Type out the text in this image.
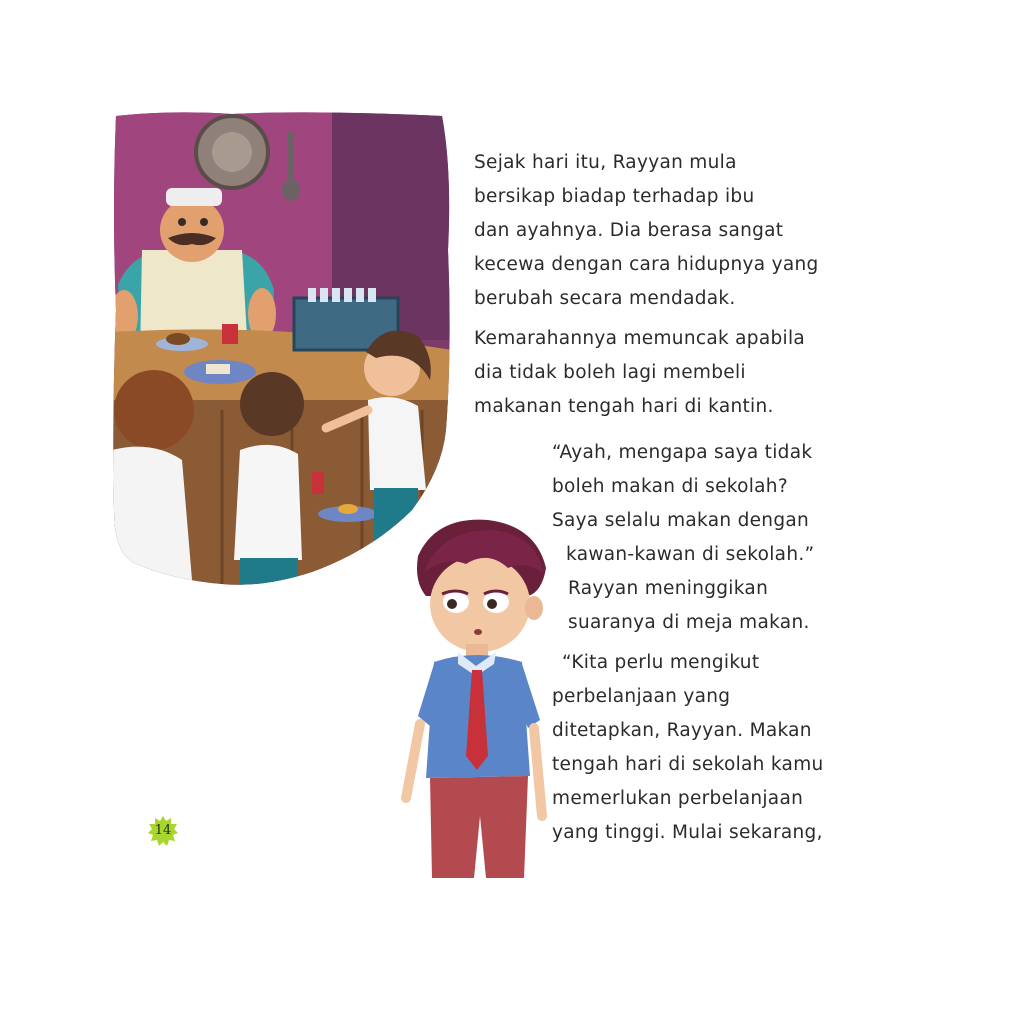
Sejak hari itu, Rayyan mula
bersikap biadap terhadap ibu
dan ayahnya. Dia berasa sangat
kecewa dengan cara hidupnya yang
berubah secara mendadak.

Kemarahannya memuncak apabila
dia tidak boleh lagi membeli
makanan tengah hari di kantin.

“Ayah, mengapa saya tidak
boleh makan di sekolah?
Saya selalu makan dengan
kawan-kawan di sekolah.”
Rayyan meninggikan
suaranya di meja makan.

“Kita perlu mengikut
perbelanjaan yang
ditetapkan, Rayyan. Makan
tengah hari di sekolah kamu
memerlukan perbelanjaan
yang tinggi. Mulai sekarang,

14
